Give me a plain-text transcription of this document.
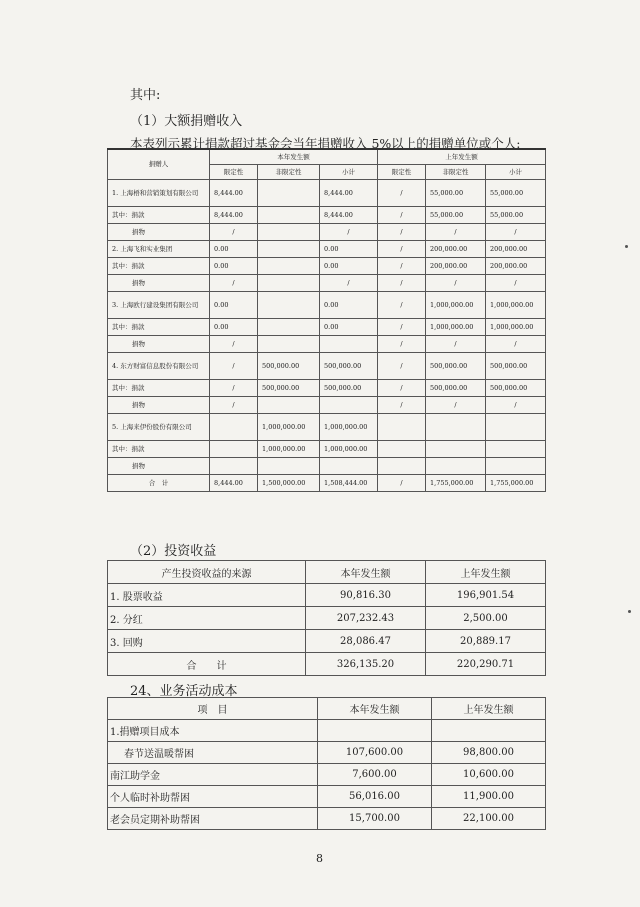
其中:
（1）大额捐赠收入
本表列示累计捐款超过基金会当年捐赠收入 5%以上的捐赠单位或个人:
捐赠人	本年发生额			上年发生额		
	限定性	非限定性	小计	限定性	非限定性	小计
1. 上海梧和营销策划有限公司	8,444.00		8,444.00	/	55,000.00	55,000.00
其中：捐款	8,444.00		8,444.00	/	55,000.00	55,000.00
捐物	/		/	/	/	/
2. 上海飞和实业集团	0.00		0.00	/	200,000.00	200,000.00
其中：捐款	0.00		0.00	/	200,000.00	200,000.00
捐物	/		/	/	/	/
3. 上海欧行建设集团有限公司	0.00		0.00	/	1,000,000.00	1,000,000.00
其中：捐款	0.00		0.00	/	1,000,000.00	1,000,000.00
捐物	/			/	/	/
4. 东方财富信息股份有限公司	/	500,000.00	500,000.00	/	500,000.00	500,000.00
其中：捐款	/	500,000.00	500,000.00	/	500,000.00	500,000.00
捐物	/			/	/	/
5. 上海来伊份股份有限公司		1,000,000.00	1,000,000.00			
其中：捐款		1,000,000.00	1,000,000.00			
捐物						
合　计	8,444.00	1,500,000.00	1,508,444.00	/	1,755,000.00	1,755,000.00
（2）投资收益
产生投资收益的来源	本年发生额	上年发生额
1. 股票收益	90,816.30	196,901.54
2. 分红	207,232.43	2,500.00
3. 回购	28,086.47	20,889.17
合　　计	326,135.20	220,290.71
24、业务活动成本
项　目	本年发生额	上年发生额
1.捐赠项目成本		
春节送温暖帮困	107,600.00	98,800.00
南江助学金	7,600.00	10,600.00
个人临时补助帮困	56,016.00	11,900.00
老会员定期补助帮困	15,700.00	22,100.00
8
